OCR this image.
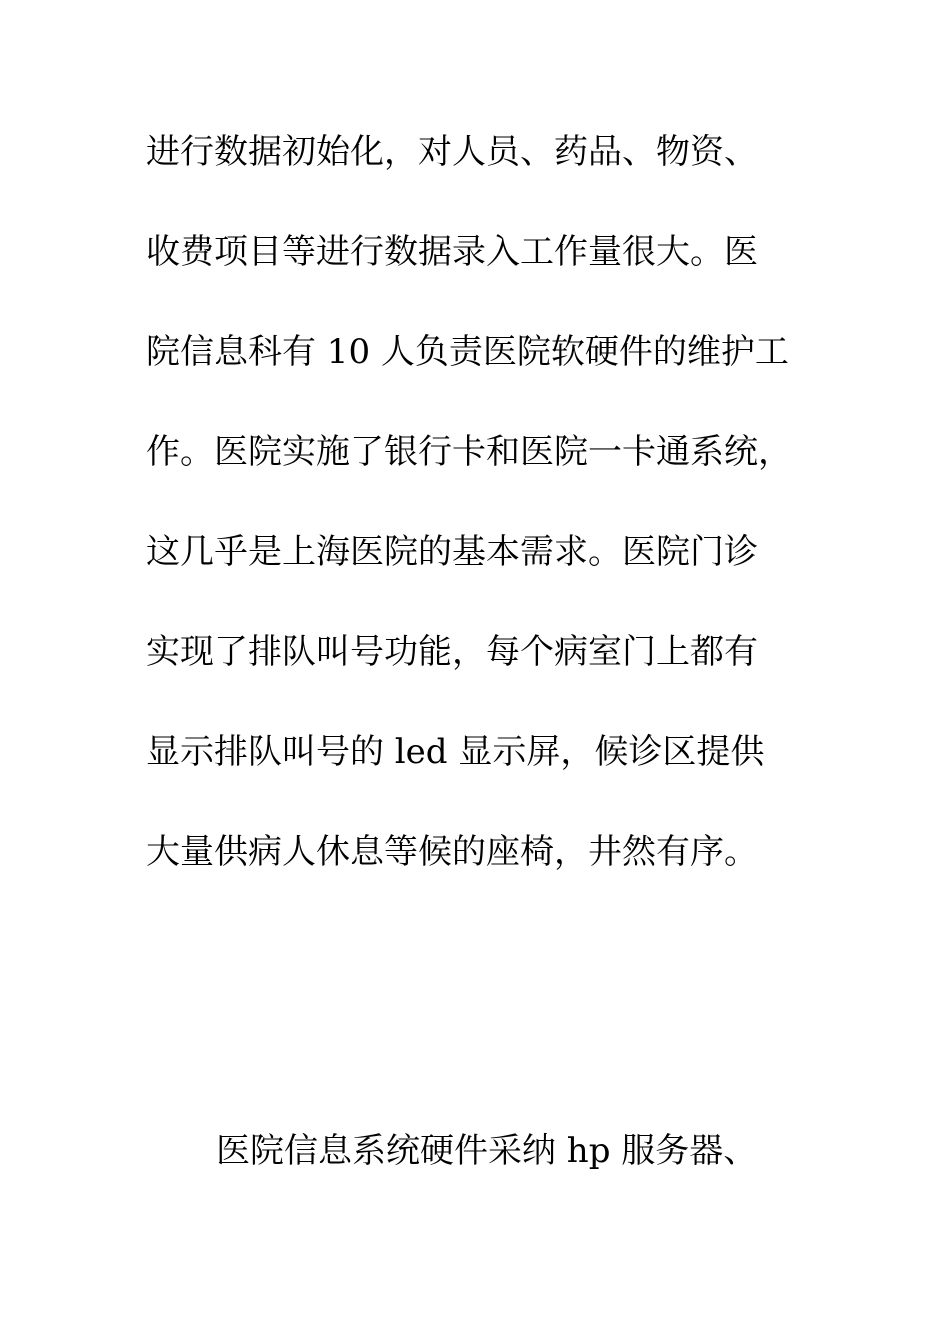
进行数据初始化，对人员、药品、物资、
收费项目等进行数据录入工作量很大。医
院信息科有 10 人负责医院软硬件的维护工
作。医院实施了银行卡和医院一卡通系统，
这几乎是上海医院的基本需求。医院门诊
实现了排队叫号功能，每个病室门上都有
显示排队叫号的 led 显示屏，候诊区提供
大量供病人休息等候的座椅，井然有序。
医院信息系统硬件采纳 hp 服务器、
